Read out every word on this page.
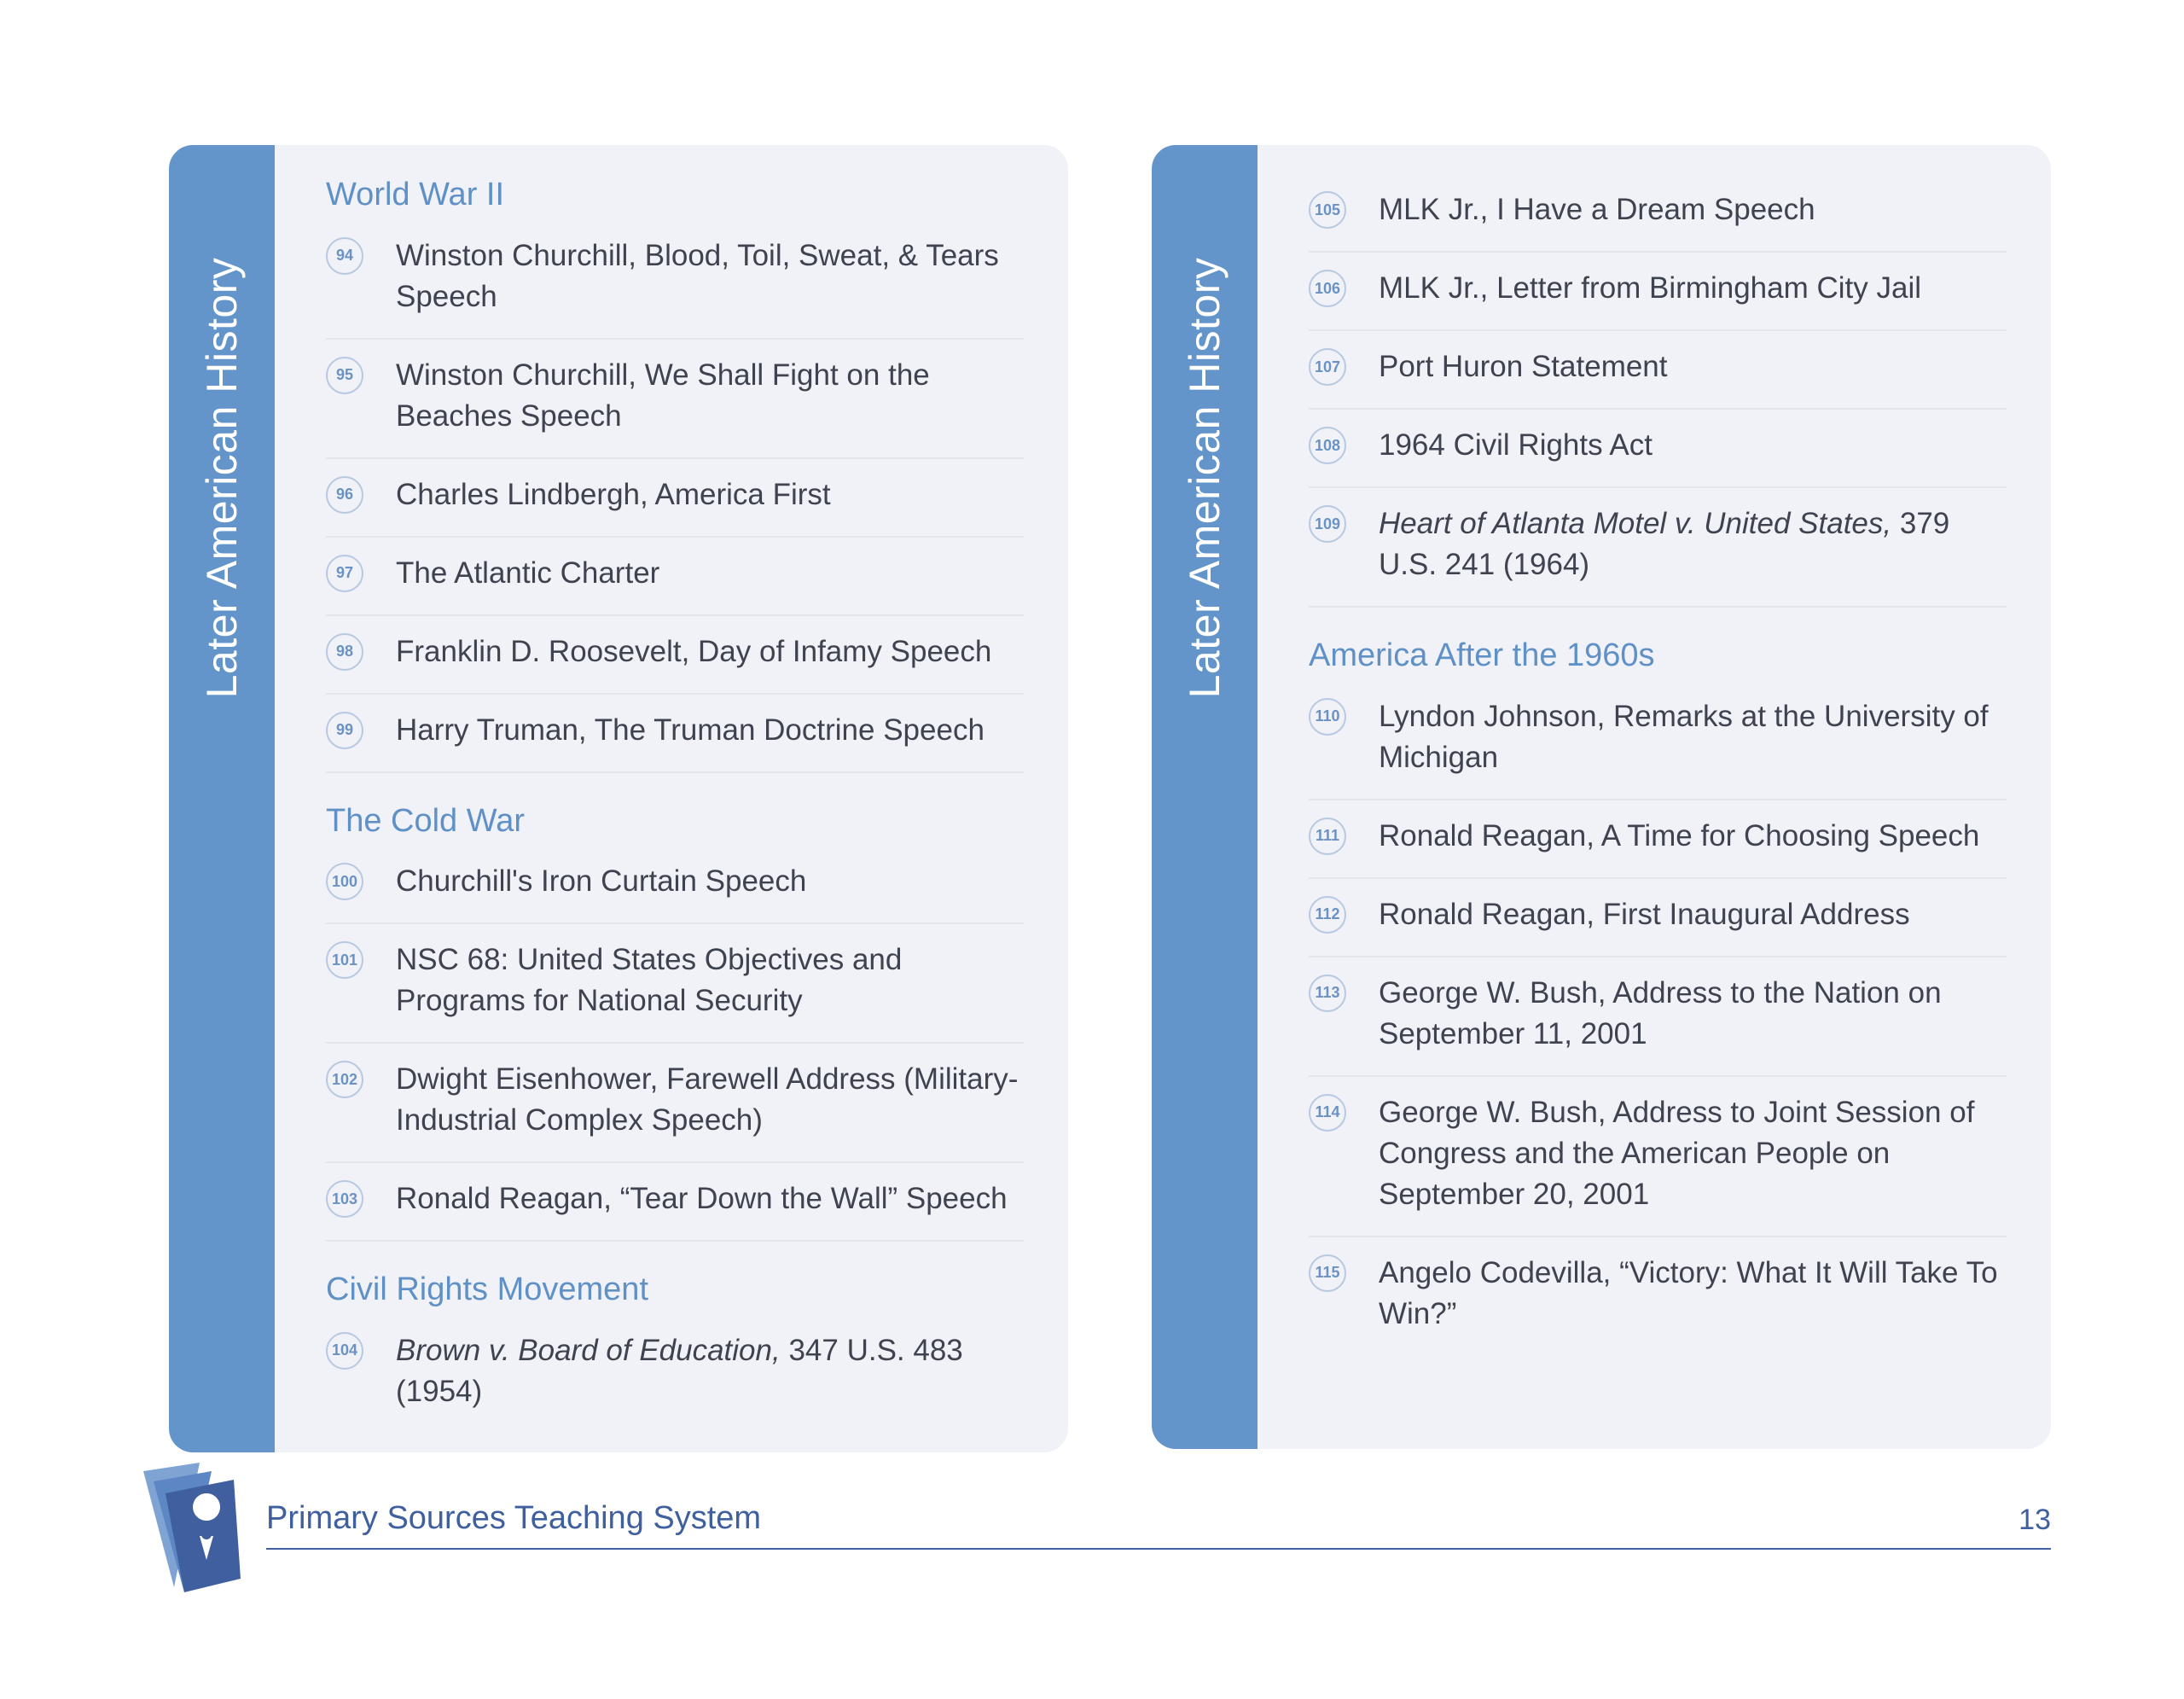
Later American History
World War II
94	Winston Churchill, Blood, Toil, Sweat, & Tears Speech
95	Winston Churchill, We Shall Fight on the Beaches Speech
96	Charles Lindbergh, America First
97	The Atlantic Charter
98	Franklin D. Roosevelt, Day of Infamy Speech
99	Harry Truman, The Truman Doctrine Speech
The Cold War
100 Churchill's Iron Curtain Speech
101 NSC 68: United States Objectives and Programs for National Security
102 Dwight Eisenhower, Farewell Address (Military-Industrial Complex Speech)
103 Ronald Reagan, “Tear Down the Wall” Speech
Civil Rights Movement
104 Brown v. Board of Education, 347 U.S. 483 (1954)
Later American History
105 MLK Jr., I Have a Dream Speech
106 MLK Jr., Letter from Birmingham City Jail
107 Port Huron Statement
108 1964 Civil Rights Act
109 Heart of Atlanta Motel v. United States, 379 U.S. 241 (1964)
America After the 1960s
110 Lyndon Johnson, Remarks at the University of Michigan
111 Ronald Reagan, A Time for Choosing Speech
112 Ronald Reagan, First Inaugural Address
113 George W. Bush, Address to the Nation on September 11, 2001
114 George W. Bush, Address to Joint Session of Congress and the American People on September 20, 2001
115 Angelo Codevilla, “Victory: What It Will Take To Win?”
Primary Sources Teaching System	13
